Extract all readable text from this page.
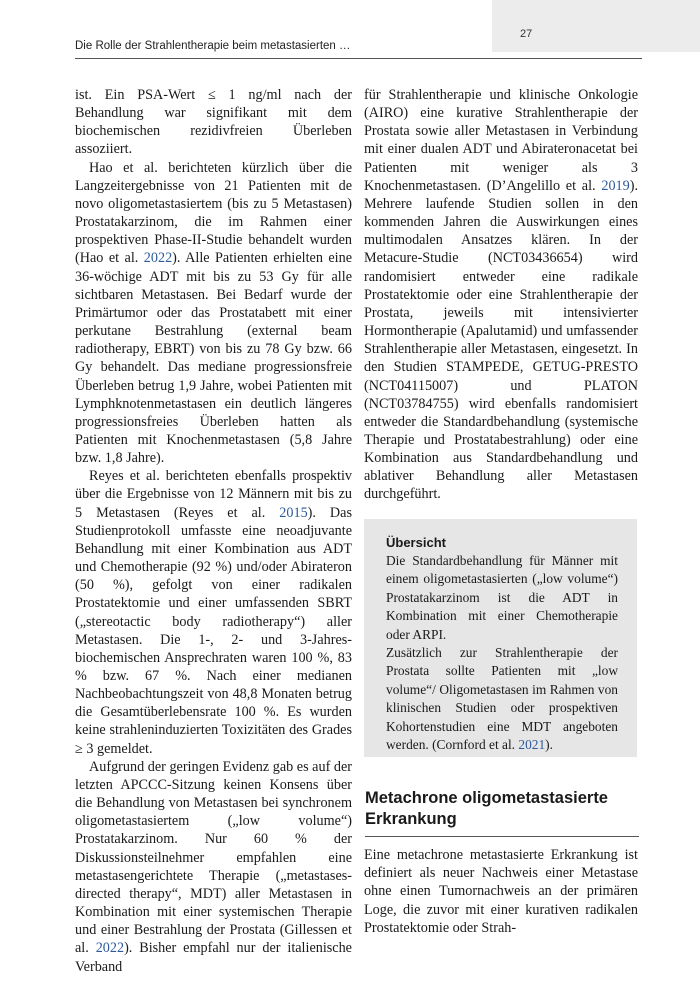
27
Die Rolle der Strahlentherapie beim metastasierten …

ist. Ein PSA-Wert ≤ 1 ng/ml nach der Behandlung war signifikant mit dem biochemischen rezidivfreien Überleben assoziiert.

Hao et al. berichteten kürzlich über die Langzeitergebnisse von 21 Patienten mit de novo oligometastasiertem (bis zu 5 Metastasen) Prostatakarzinom, die im Rahmen einer prospektiven Phase-II-Studie behandelt wurden (Hao et al. 2022). Alle Patienten erhielten eine 36-wöchige ADT mit bis zu 53 Gy für alle sichtbaren Metastasen. Bei Bedarf wurde der Primärtumor oder das Prostatabett mit einer perkutane Bestrahlung (external beam radiotherapy, EBRT) von bis zu 78 Gy bzw. 66 Gy behandelt. Das mediane progressionsfreie Überleben betrug 1,9 Jahre, wobei Patienten mit Lymphknotenmetastasen ein deutlich längeres progressionsfreies Überleben hatten als Patienten mit Knochenmetastasen (5,8 Jahre bzw. 1,8 Jahre).

Reyes et al. berichteten ebenfalls prospektiv über die Ergebnisse von 12 Männern mit bis zu 5 Metastasen (Reyes et al. 2015). Das Studienprotokoll umfasste eine neoadjuvante Behandlung mit einer Kombination aus ADT und Chemotherapie (92 %) und/oder Abirateron (50 %), gefolgt von einer radikalen Prostatektomie und einer umfassenden SBRT („stereotactic body radiotherapy“) aller Metastasen. Die 1-, 2- und 3-Jahres-biochemischen Ansprechraten waren 100 %, 83 % bzw. 67 %. Nach einer medianen Nachbeobachtungszeit von 48,8 Monaten betrug die Gesamtüberlebensrate 100 %. Es wurden keine strahleninduzierten Toxizitäten des Grades ≥ 3 gemeldet.

Aufgrund der geringen Evidenz gab es auf der letzten APCCC-Sitzung keinen Konsens über die Behandlung von Metastasen bei synchronem oligometastasiertem („low volume“) Prostatakarzinom. Nur 60 % der Diskussionsteilnehmer empfahlen eine metastasengerichtete Therapie („metastases-directed therapy“, MDT) aller Metastasen in Kombination mit einer systemischen Therapie und einer Bestrahlung der Prostata (Gillessen et al. 2022). Bisher empfahl nur der italienische Verband

für Strahlentherapie und klinische Onkologie (AIRO) eine kurative Strahlentherapie der Prostata sowie aller Metastasen in Verbindung mit einer dualen ADT und Abirateronacetat bei Patienten mit weniger als 3 Knochenmetastasen. (D’Angelillo et al. 2019). Mehrere laufende Studien sollen in den kommenden Jahren die Auswirkungen eines multimodalen Ansatzes klären. In der Metacure-Studie (NCT03436654) wird randomisiert entweder eine radikale Prostatektomie oder eine Strahlentherapie der Prostata, jeweils mit intensivierter Hormontherapie (Apalutamid) und umfassender Strahlentherapie aller Metastasen, eingesetzt. In den Studien STAMPEDE, GETUG-PRESTO (NCT04115007) und PLATON (NCT03784755) wird ebenfalls randomisiert entweder die Standardbehandlung (systemische Therapie und Prostatabestrahlung) oder eine Kombination aus Standardbehandlung und ablativer Behandlung aller Metastasen durchgeführt.

Übersicht

Die Standardbehandlung für Männer mit einem oligometastasierten („low volume“) Prostatakarzinom ist die ADT in Kombination mit einer Chemotherapie oder ARPI.

Zusätzlich zur Strahlentherapie der Prostata sollte Patienten mit „low volume“/ Oligometastasen im Rahmen von klinischen Studien oder prospektiven Kohortenstudien eine MDT angeboten werden. (Cornford et al. 2021).

Metachrone oligometastasierte Erkrankung

Eine metachrone metastasierte Erkrankung ist definiert als neuer Nachweis einer Metastase ohne einen Tumornachweis an der primären Loge, die zuvor mit einer kurativen radikalen Prostatektomie oder Strah-
